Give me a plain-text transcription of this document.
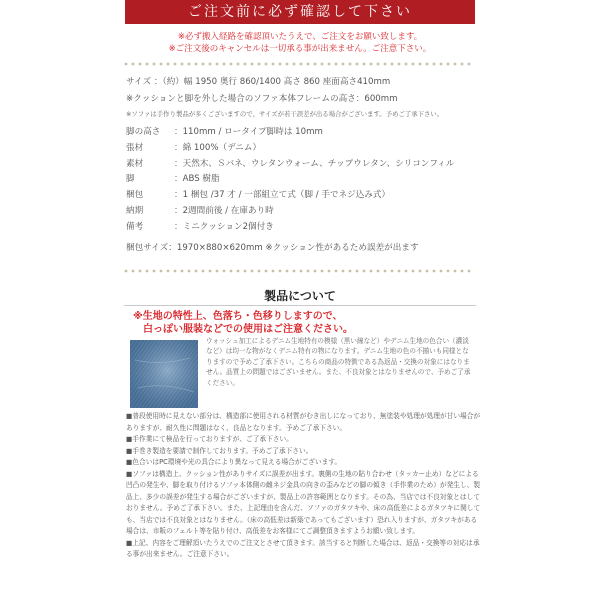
ご注文前に必ず確認して下さい
※必ず搬入経路を確認頂いたうえで、ご注文をお願い致します。
※ご注文後のキャンセルは一切承る事が出来ません。ご注意下さい。
サイズ ：（約）幅 1950 奥行 860/1400 高さ 860 座面高さ410mm
※クッションと脚を外した場合のソファ本体フレームの高さ：600mm
※ソファは手作り製品が多くございますので、サイズが若干誤差が出る場合がございます。予めご了承下さい。
脚の高さ ：110mm / ロータイプ脚時は 10mm
張材	：綿 100%（デニム）
素材	：天然木、Ｓバネ、ウレタンウォーム、チップウレタン、シリコンフィル
脚	：ABS 樹脂
梱包	：1 梱包 /37 才 / 一部組立て式（脚 / 手でネジ込み式）
納期	：2週間前後 / 在庫あり時
備考	：ミニクッション2個付き
梱包サイズ：1970×880×620mm ※クッション性があるため誤差が出ます
製品について
※生地の特性上、色落ち・色移りしますので、
白っぽい服装などでの使用はご注意ください。
ウォッシュ加工によるデニム生地特有の模様（黒い線など）やデニム生地の色合い（濃淡など）は均一な物がなくデニム特有の物になります。デニム生地の色の不揃いも同様となりますので予めご了承下さい。こちらの商品の特徴である為返品・交換の対象にはなりません。品質上の問題ではございません。また、不良対象とはなりませんので、予めご了承ください。

■普段使用時に見えない部分は、構造部に使用される材質がむき出しになっており、無塗装や処理が処理が甘い場合がありますが、耐久性に問題はなく、良品となります。予めご了承下さい。

■手作業にて検品を行っておりますが、ご了承下さい。

■手巻き製造を要請で制作しております。予めご了承下さい。

■色合いはPC環境や光の具合により異なって見える場合がございます。

■ソファは構造上、クッション性がありサイズに誤差が出ます。裏側の生地の貼り合わせ（タッカー止め）などによる凹凸の発生や、脚を取り付けるソファ本体側の雌ネジ金具の向きの歪みなどの脚の傾き（手作業のため）が発生し、製品上、多少の誤差が発生する場合がございますが、製品上の許容範囲となります。その為、当店では不良対象とはしておりません。予めご了承下さい。また、上記理由を含んだ、ソファのガタツキや、床の高低差によるガタツキに関しても、当店では不良対象とはなりません。（床の高低差は新築であってもございます）恐れ入りますが、ガタツキがある場合は、市販のフェルト等を貼り付け、高低差をお客様にてご調整頂きますようお願い致します。

■上記、内容をご理解頂いたうえでのご注文とさせて頂きます。該当すると判断した場合は、返品・交換等の対応は承る事が出来ません。ご注意下さい。
